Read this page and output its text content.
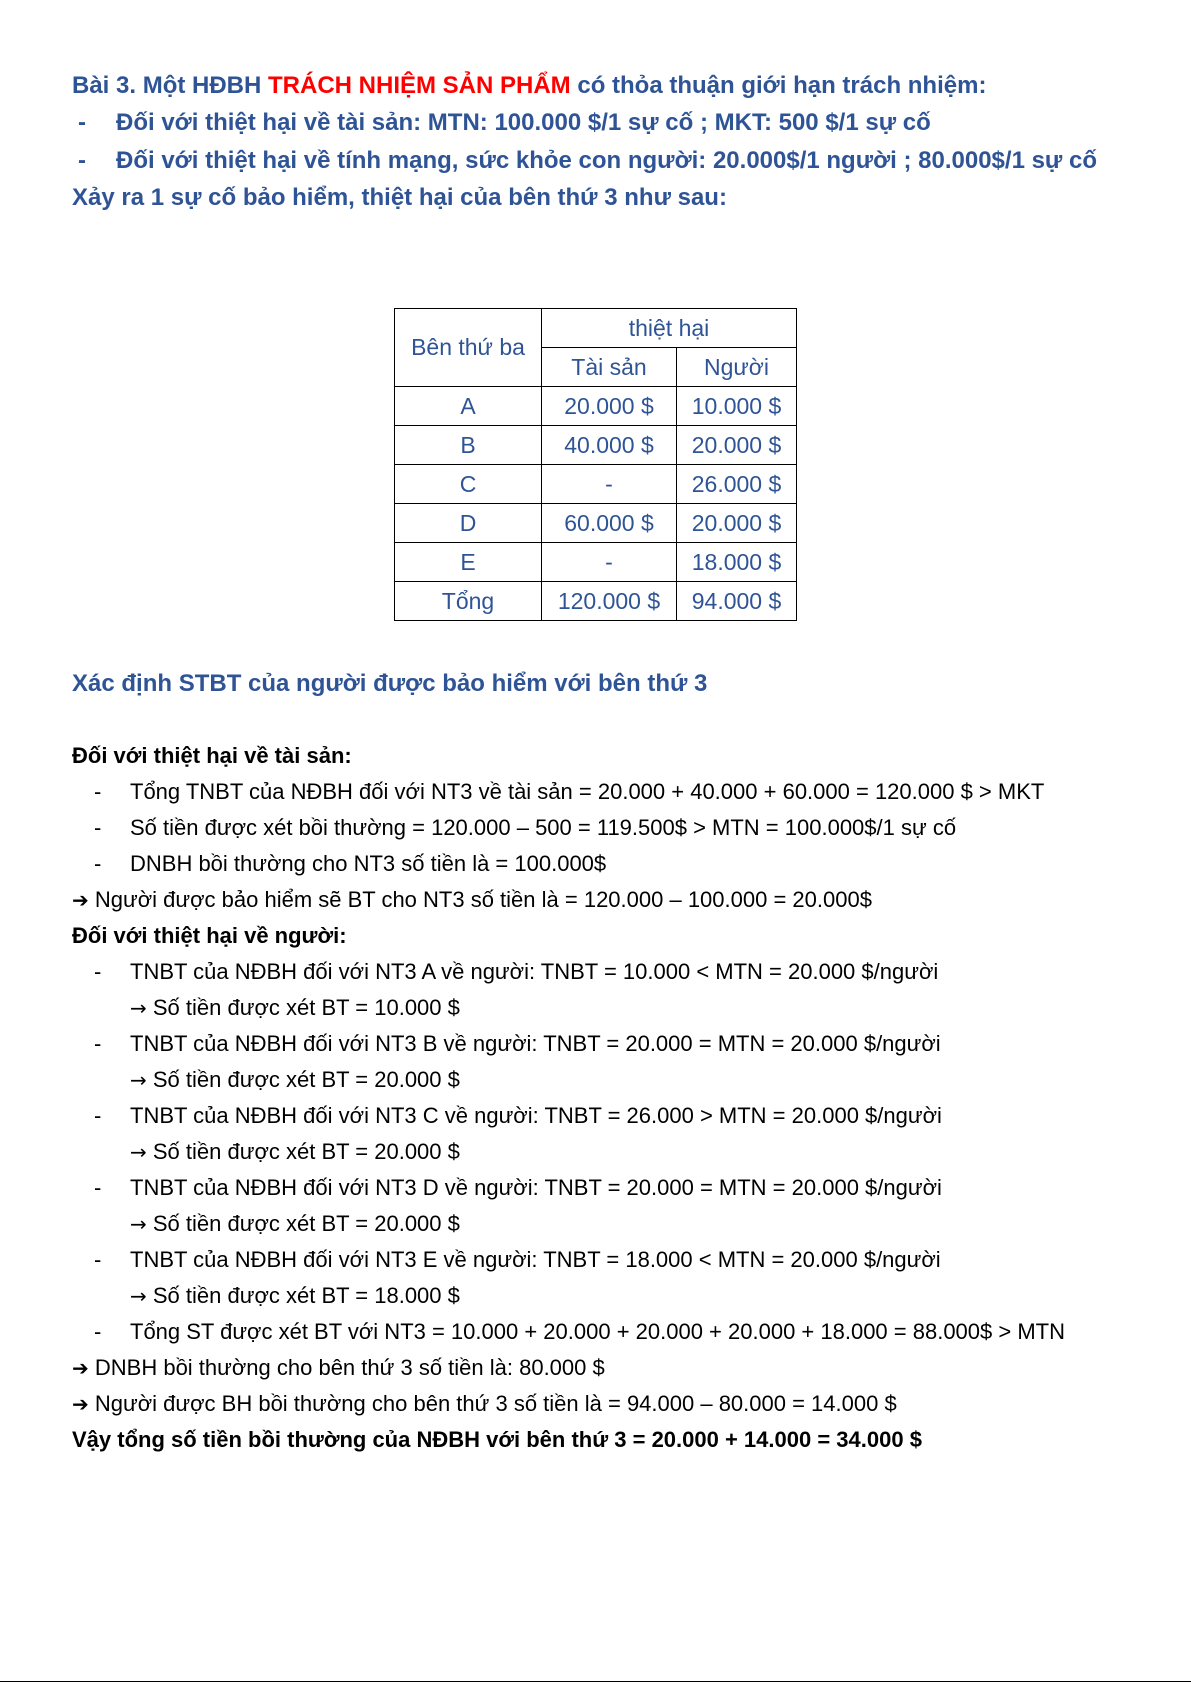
Bài 3. Một HĐBH TRÁCH NHIỆM SẢN PHẨM có thỏa thuận giới hạn trách nhiệm:
-	Đối với thiệt hại về tài sản: MTN: 100.000 $/1 sự cố ; MKT: 500 $/1 sự cố
-	Đối với thiệt hại về tính mạng, sức khỏe con người: 20.000$/1 người ; 80.000$/1 sự cố
Xảy ra 1 sự cố bảo hiểm, thiệt hại của bên thứ 3 như sau:
Bên thứ ba	thiệt hại	
	Tài sản	Người
A	20.000 $	10.000 $
B	40.000 $	20.000 $
C	-	26.000 $
D	60.000 $	20.000 $
E	-	18.000 $
Tổng	120.000 $	94.000 $
Xác định STBT của người được bảo hiểm với bên thứ 3
Đối với thiệt hại về tài sản:
-	Tổng TNBT của NĐBH đối với NT3 về tài sản = 20.000 + 40.000 + 60.000 = 120.000 $ > MKT
-	Số tiền được xét bồi thường = 120.000 – 500 = 119.500$ > MTN = 100.000$/1 sự cố
-	DNBH bồi thường cho NT3 số tiền là = 100.000$
➔ Người được bảo hiểm sẽ BT cho NT3 số tiền là = 120.000 – 100.000 = 20.000$
Đối với thiệt hại về người:
-	TNBT của NĐBH đối với NT3 A về người: TNBT = 10.000 < MTN = 20.000 $/người
→ Số tiền được xét BT = 10.000 $
-	TNBT của NĐBH đối với NT3 B về người: TNBT = 20.000 = MTN = 20.000 $/người
→ Số tiền được xét BT = 20.000 $
-	TNBT của NĐBH đối với NT3 C về người: TNBT = 26.000 > MTN = 20.000 $/người
→ Số tiền được xét BT = 20.000 $
-	TNBT của NĐBH đối với NT3 D về người: TNBT = 20.000 = MTN = 20.000 $/người
→ Số tiền được xét BT = 20.000 $
-	TNBT của NĐBH đối với NT3 E về người: TNBT = 18.000 < MTN = 20.000 $/người
→ Số tiền được xét BT = 18.000 $
-	Tổng ST được xét BT với NT3 = 10.000 + 20.000 + 20.000 + 20.000 + 18.000 = 88.000$ > MTN
➔ DNBH bồi thường cho bên thứ 3 số tiền là: 80.000 $
➔ Người được BH bồi thường cho bên thứ 3 số tiền là = 94.000 – 80.000 = 14.000 $
Vậy tổng số tiền bồi thường của NĐBH với bên thứ 3 = 20.000 + 14.000 = 34.000 $
